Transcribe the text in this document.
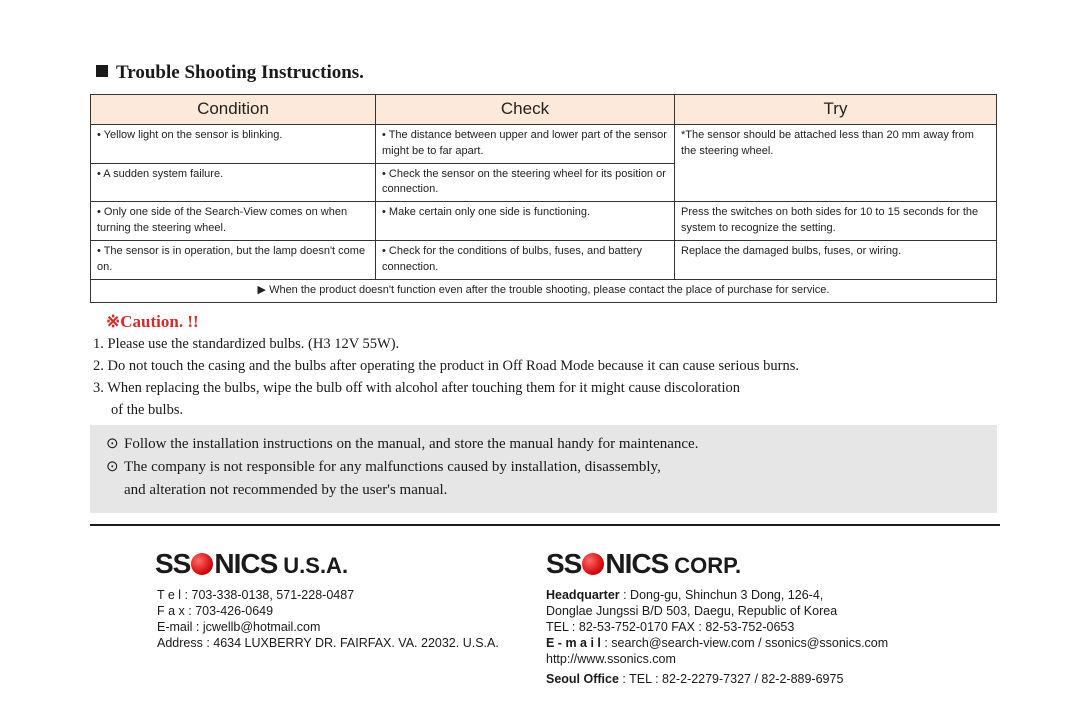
Trouble Shooting Instructions.
Condition	Check	Try
• Yellow light on the sensor is blinking.	• The distance between upper and lower part of the sensor might be to far apart.	*The sensor should be attached less than 20 mm away from the steering wheel.
• A sudden system failure.	• Check the sensor on the steering wheel for its position or connection.	
• Only one side of the Search-View comes on when turning the steering wheel.	• Make certain only one side is functioning.	Press the switches on both sides for 10 to 15 seconds for the system to recognize the setting.
• The sensor is in operation, but the lamp doesn't come on.	• Check for the conditions of bulbs, fuses, and battery connection.	Replace the damaged bulbs, fuses, or wiring.
▶ When the product doesn't function even after the trouble shooting, please contact the place of purchase for service.		
※Caution. !!
1. Please use the standardized bulbs. (H3 12V 55W).
2. Do not touch the casing and the bulbs after operating the product in Off Road Mode because it can cause serious burns.
3. When replacing the bulbs, wipe the bulb off with alcohol after touching them for it might cause discoloration
of the bulbs.
⊙ Follow the installation instructions on the manual, and store the manual handy for maintenance.
⊙ The company is not responsible for any malfunctions caused by installation, disassembly,
and alteration not recommended by the user's manual.
SS NICS U.S.A.
T e l : 703-338-0138, 571-228-0487
F a x : 703-426-0649
E-mail : jcwellb@hotmail.com
Address : 4634 LUXBERRY DR. FAIRFAX. VA. 22032. U.S.A.
SS NICS CORP.
Headquarter : Dong-gu, Shinchun 3 Dong, 126-4,
Donglae Jungssi B/D 503, Daegu, Republic of Korea
TEL : 82-53-752-0170 FAX : 82-53-752-0653
E - m a i l : search@search-view.com / ssonics@ssonics.com
http://www.ssonics.com
Seoul Office : TEL : 82-2-2279-7327 / 82-2-889-6975
